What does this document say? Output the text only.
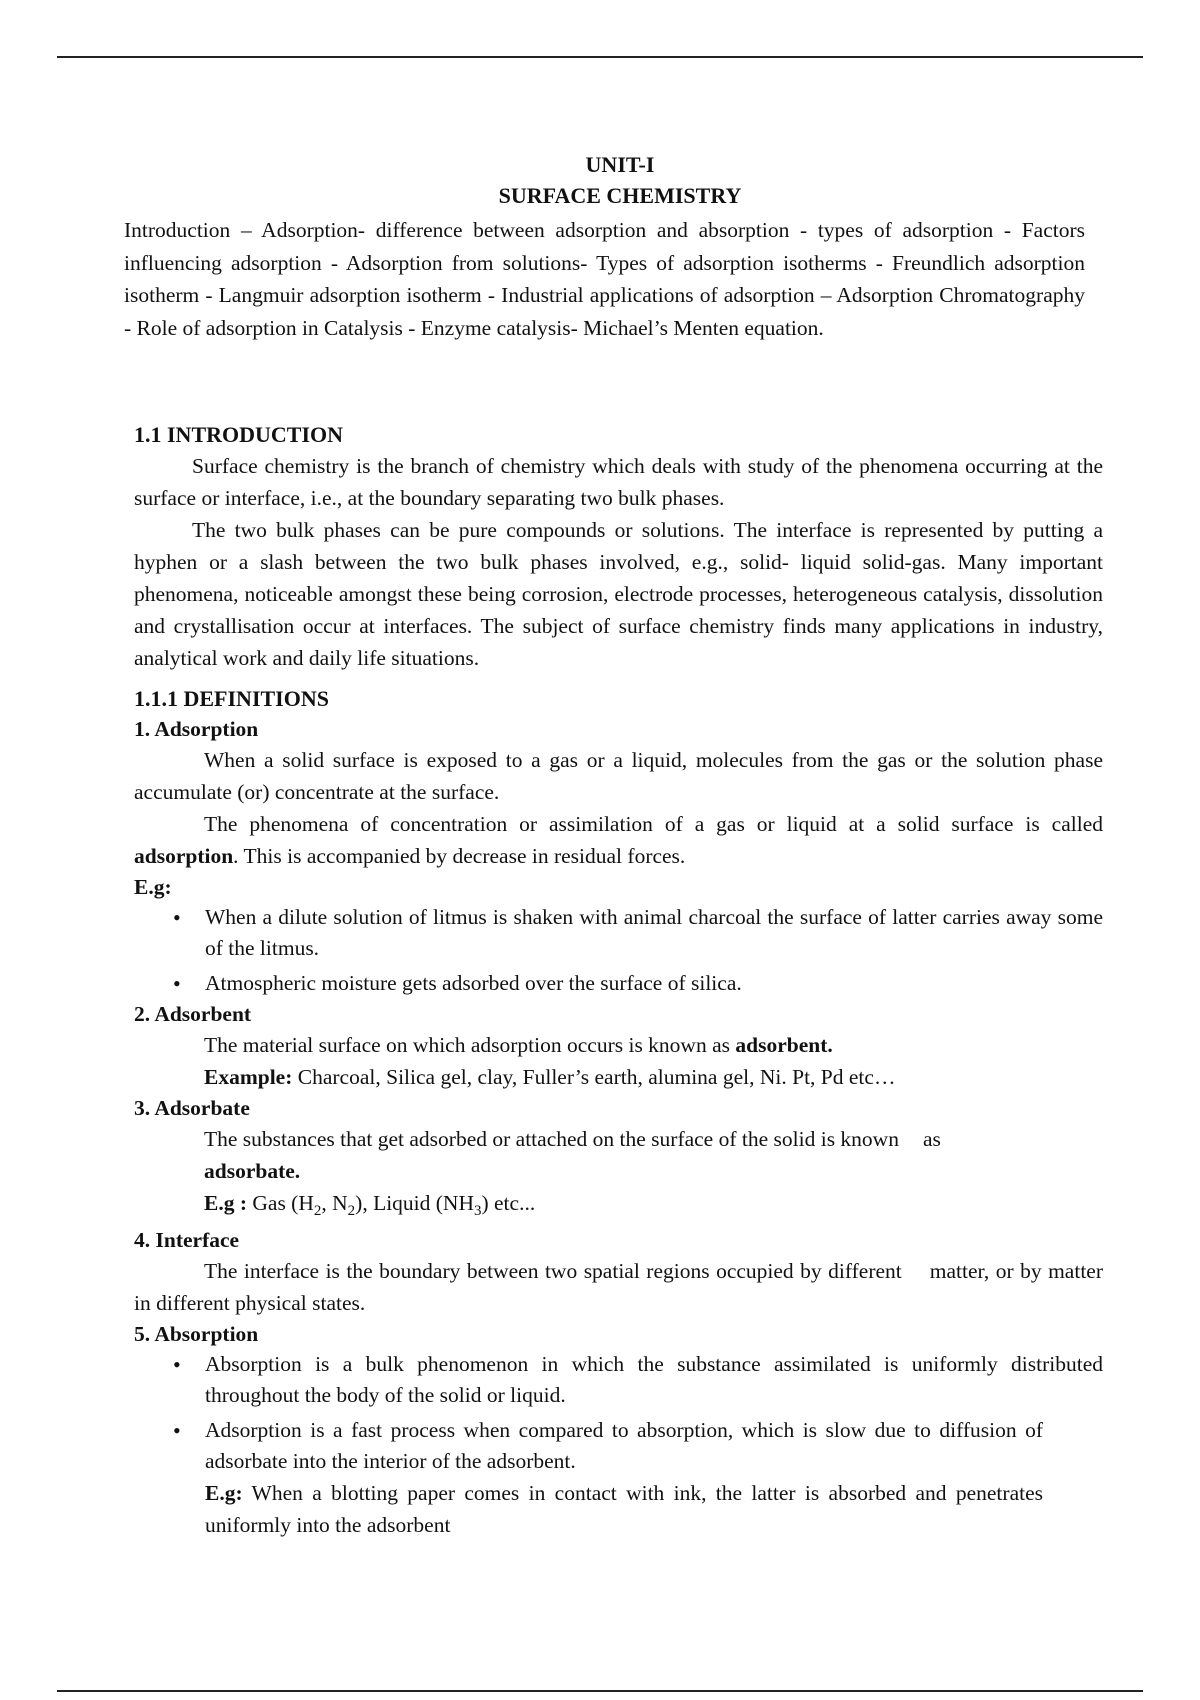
UNIT-I
SURFACE CHEMISTRY
Introduction – Adsorption- difference between adsorption and absorption - types of adsorption - Factors influencing adsorption - Adsorption from solutions- Types of adsorption isotherms - Freundlich adsorption isotherm - Langmuir adsorption isotherm - Industrial applications of adsorption – Adsorption Chromatography - Role of adsorption in Catalysis - Enzyme catalysis- Michael’s Menten equation.
1.1 INTRODUCTION

Surface chemistry is the branch of chemistry which deals with study of the phenomena occurring at the surface or interface, i.e., at the boundary separating two bulk phases.

The two bulk phases can be pure compounds or solutions. The interface is represented by putting a hyphen or a slash between the two bulk phases involved, e.g., solid- liquid solid-gas. Many important phenomena, noticeable amongst these being corrosion, electrode processes, heterogeneous catalysis, dissolution and crystallisation occur at interfaces. The subject of surface chemistry finds many applications in industry, analytical work and daily life situations.

1.1.1 DEFINITIONS
1. Adsorption

When a solid surface is exposed to a gas or a liquid, molecules from the gas or the solution phase accumulate (or) concentrate at the surface.

The phenomena of concentration or assimilation of a gas or liquid at a solid surface is called adsorption. This is accompanied by decrease in residual forces.

E.g:
• When a dilute solution of litmus is shaken with animal charcoal the surface of latter carries away some of the litmus.
• Atmospheric moisture gets adsorbed over the surface of silica.
2. Adsorbent

The material surface on which adsorption occurs is known as adsorbent.

Example: Charcoal, Silica gel, clay, Fuller’s earth, alumina gel, Ni. Pt, Pd etc…

3. Adsorbate

The substances that get adsorbed or attached on the surface of the solid is known as
adsorbate.

E.g : Gas ($H_2$, $N_2$), Liquid $(NH_3)$ etc...

4. Interface

The interface is the boundary between two spatial regions occupied by different matter, or by matter in different physical states.

5. Absorption
• Absorption is a bulk phenomenon in which the substance assimilated is uniformly distributed throughout the body of the solid or liquid.
• Adsorption is a fast process when compared to absorption, which is slow due to diffusion of adsorbate into the interior of the adsorbent.

E.g: When a blotting paper comes in contact with ink, the latter is absorbed and penetrates uniformly into the adsorbent
